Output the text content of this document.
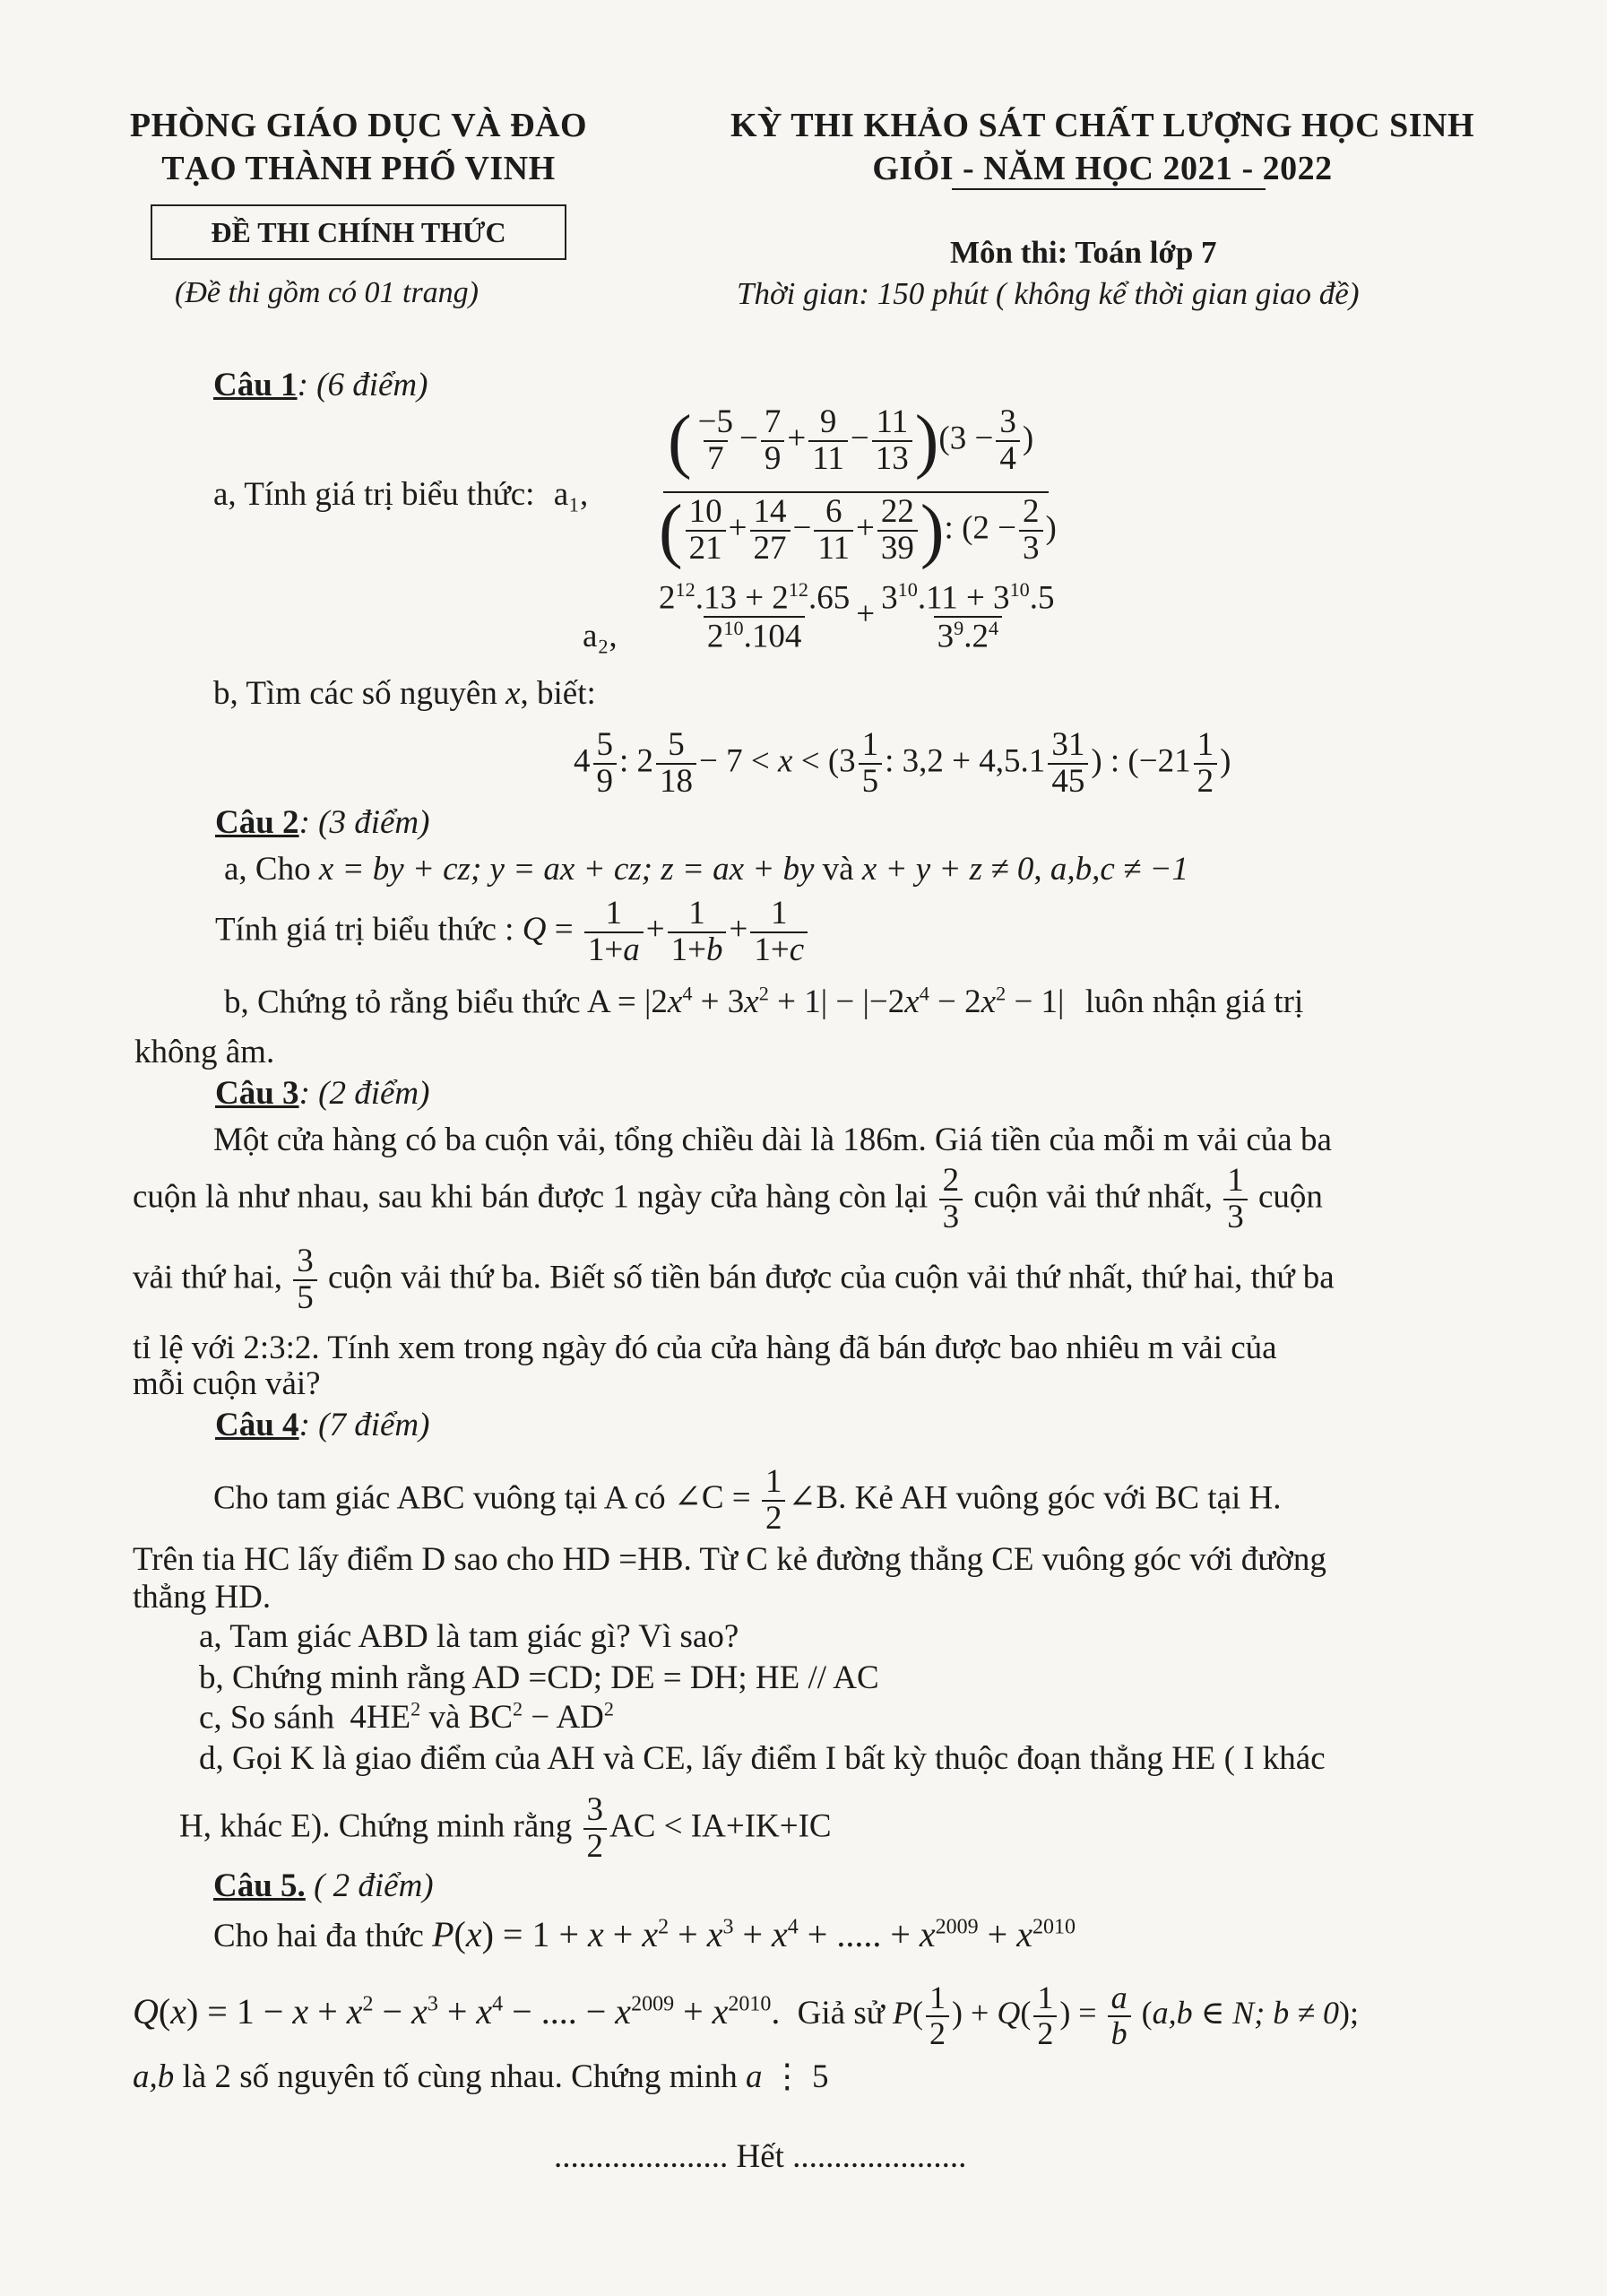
PHÒNG GIÁO DỤC VÀ ĐÀO
TẠO THÀNH PHỐ VINH
ĐỀ THI CHÍNH THỨC
(Đề thi gồm có 01 trang)
KỲ THI KHẢO SÁT CHẤT LƯỢNG HỌC SINH
GIỎI - NĂM HỌC 2021 - 2022
Môn thi: Toán lớp 7
Thời gian: 150 phút ( không kể thời gian giao đề)
Câu 1: (6 điểm)
a, Tính giá trị biểu thức: a₁,
( $\frac{-5}{7} - \frac{7}{9} + \frac{9}{11} - \frac{11}{13} )(3 - \frac{3}{4}$ )
( $\frac{10}{21} + \frac{14}{27} - \frac{6}{11} + \frac{22}{39}$ ): ($2 - \frac{2}{3}$ )
a₂, $\frac{2^{12}.13 + 2^{12}.65}{2^{10}.104} + \frac{3^{10}.11 + 3^{10}.5}{3^9.2^4}$
b, Tìm các số nguyên x, biết:
$4 \frac{5}{9}$ : $2 \frac{5}{18} - 7 < x < (3 \frac{1}{5}$ : $3,2 + 4,5.1 \frac{31}{45}$ ) : ($-21 \frac{1}{2}$ )
Câu 2: (3 điểm)
a, Cho x = by + cz; y = ax + cz; z = ax + by và x + y + z ≠ 0, a,b,c ≠ −1
Tính giá trị biểu thức : $Q = \frac{1}{1+a} + \frac{1}{1+b} + \frac{1}{1+c}$
b, Chứng tỏ rằng biểu thức $A = |2x^4 + 3x^2 + 1| - |-2x^4 - 2x^2 - 1|$ luôn nhận giá trị
không âm.
Câu 3: (2 điểm)
Một cửa hàng có ba cuộn vải, tổng chiều dài là 186m. Giá tiền của mỗi m vải của ba
cuộn là như nhau, sau khi bán được 1 ngày cửa hàng còn lại $\frac{2}{3}$ cuộn vải thứ nhất, $\frac{1}{3}$ cuộn
vải thứ hai, $\frac{3}{5}$ cuộn vải thứ ba. Biết số tiền bán được của cuộn vải thứ nhất, thứ hai, thứ ba
tỉ lệ với 2:3:2. Tính xem trong ngày đó của cửa hàng đã bán được bao nhiêu m vải của
mỗi cuộn vải?
Câu 4: (7 điểm)
Cho tam giác ABC vuông tại A có ∠C = $\frac{1}{2}$ ∠B. Kẻ AH vuông góc với BC tại H.
Trên tia HC lấy điểm D sao cho HD =HB. Từ C kẻ đường thẳng CE vuông góc với đường
thẳng HD.
a, Tam giác ABD là tam giác gì? Vì sao?
b, Chứng minh rằng AD =CD; DE = DH; HE // AC
c, So sánh $4HE^2$ và $BC^2 - AD^2$
d, Gọi K là giao điểm của AH và CE, lấy điểm I bất kỳ thuộc đoạn thẳng HE ( I khác
H, khác E). Chứng minh rằng $\frac{3}{2}$ AC < IA+IK+IC
Câu 5. ( 2 điểm)
Cho hai đa thức $P(x) = 1 + x + x^2 + x^3 + x^4$ + ..... + $x^{2009} + x^{2010}$
$Q(x) = 1 - x + x^2 - x^3 + x^4$ − .... − $x^{2009} + x^{2010}$. Giả sử $P( \frac{1}{2}$ ) + $Q( \frac{1}{2}$ ) = $\frac{a}{b} (a,b$ ∈ N; b ≠ 0);
a,b là 2 số nguyên tố cùng nhau. Chứng minh a ⋮ 5
..................... Hết .....................
